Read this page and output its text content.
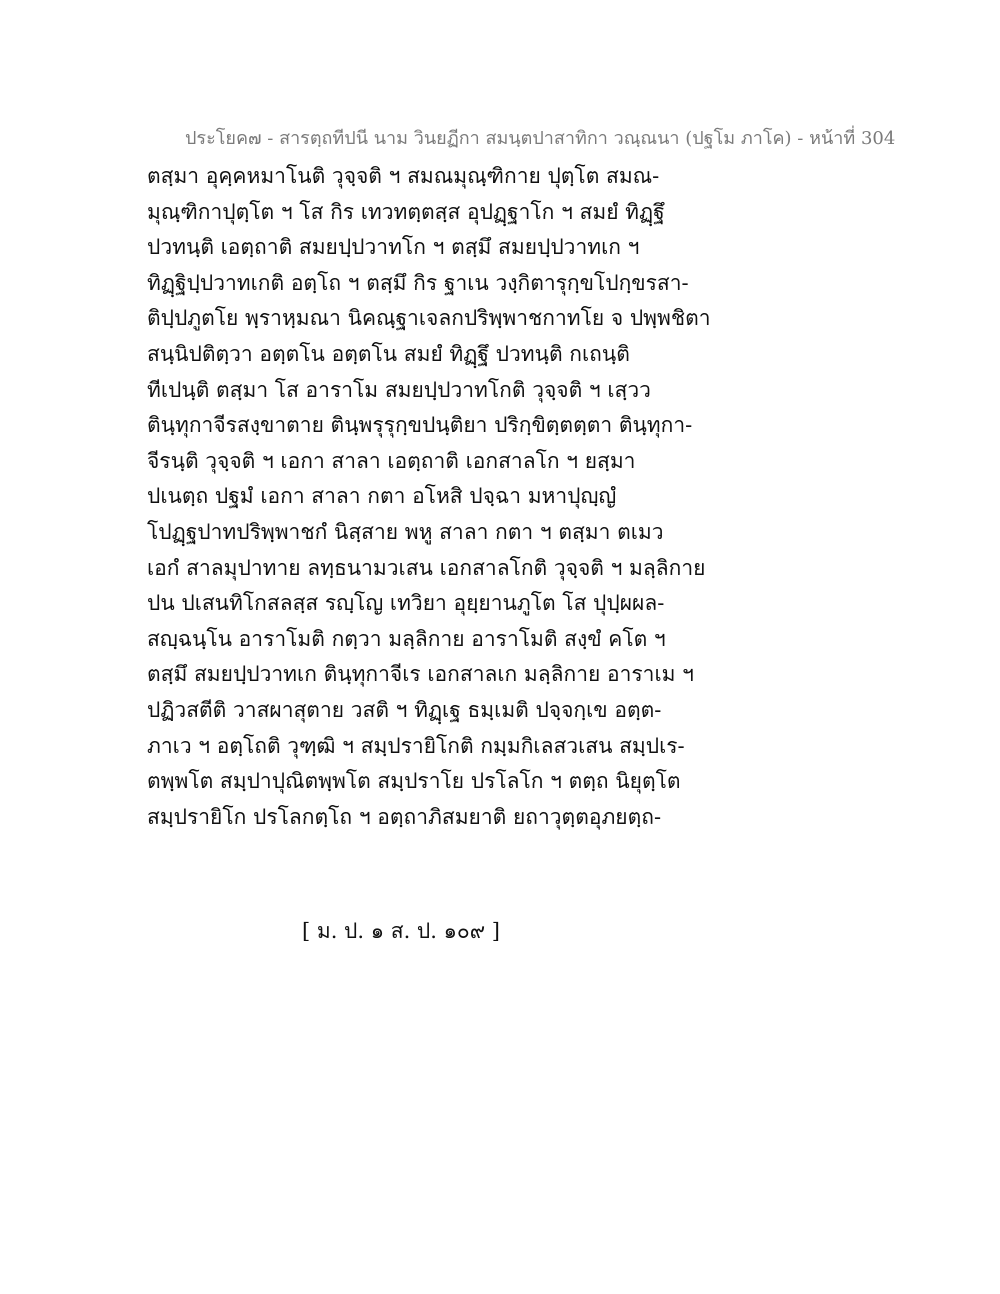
ประโยค๗ - สารตฺถทีปนี นาม วินยฏีกา สมนฺตปาสาทิกา วณฺณนา (ปฐโม ภาโค) - หน้าที่ 304
ตสฺมา อุคฺคหมาโนติ วุจฺจติ ฯ สมณมุณฺฑิกาย ปุตฺโต สมณ-
มุณฺฑิกาปุตฺโต ฯ โส กิร เทวทตฺตสฺส อุปฏฺฐาโก ฯ สมยํ ทิฏฺฐึ
ปวทนฺติ เอตฺถาติ สมยปฺปวาทโก ฯ ตสฺมึ สมยปฺปวาทเก ฯ
ทิฏฺฐิปฺปวาทเกติ อตฺโถ ฯ ตสฺมึ กิร ฐาเน วงฺกิตารุกฺขโปกฺขรสา-
ติปฺปภูตโย พฺราหฺมณา นิคณฺฐาเจลกปริพฺพาชกาทโย จ ปพฺพชิตา
สนฺนิปติตฺวา อตฺตโน อตฺตโน สมยํ ทิฏฺฐึ ปวทนฺติ กเถนฺติ
ทีเปนฺติ ตสฺมา โส อาราโม สมยปฺปวาทโกติ วุจฺจติ ฯ เสฺวว
ตินฺทุกาจีรสงฺขาตาย ตินฺพรุรุกฺขปนฺติยา ปริกฺขิตฺตตฺตา ตินฺทุกา-
จีรนฺติ วุจฺจติ ฯ เอกา สาลา เอตฺถาติ เอกสาลโก ฯ ยสฺมา
ปเนตฺถ ปฐมํ เอกา สาลา กตา อโหสิ ปจฺฉา มหาปุญฺญํ
โปฏฺฐปาทปริพฺพาชกํ นิสฺสาย พหู สาลา กตา ฯ ตสฺมา ตเมว
เอกํ สาลมุปาทาย ลทฺธนามวเสน เอกสาลโกติ วุจฺจติ ฯ มลฺลิกาย
ปน ปเสนทิโกสลสฺส รญฺโญ เทวิยา อุยฺยานภูโต โส ปุปฺผผล-
สญฺฉนฺโน อาราโมติ กตฺวา มลฺลิกาย อาราโมติ สงฺขํ คโต ฯ
ตสฺมึ สมยปฺปวาทเก ตินฺทุกาจีเร เอกสาลเก มลฺลิกาย อาราเม ฯ
ปฏิวสตีติ วาสผาสุตาย วสติ ฯ ทิฏฺเฐ ธมฺเมติ ปจฺจกฺเข อตฺต-
ภาเว ฯ อตฺโถติ วุฑฺฒิ ฯ สมฺปรายิโกติ กมฺมกิเลสวเสน สมฺปเร-
ตพฺพโต สมฺปาปุณิตพฺพโต สมฺปราโย ปรโลโก ฯ ตตฺถ นิยุตฺโต
สมฺปรายิโก ปรโลกตฺโถ ฯ อตฺถาภิสมยาติ ยถาวุตฺตอุภยตฺถ-
[ ม. ป. ๑ ส. ป. ๑๐๙ ]
